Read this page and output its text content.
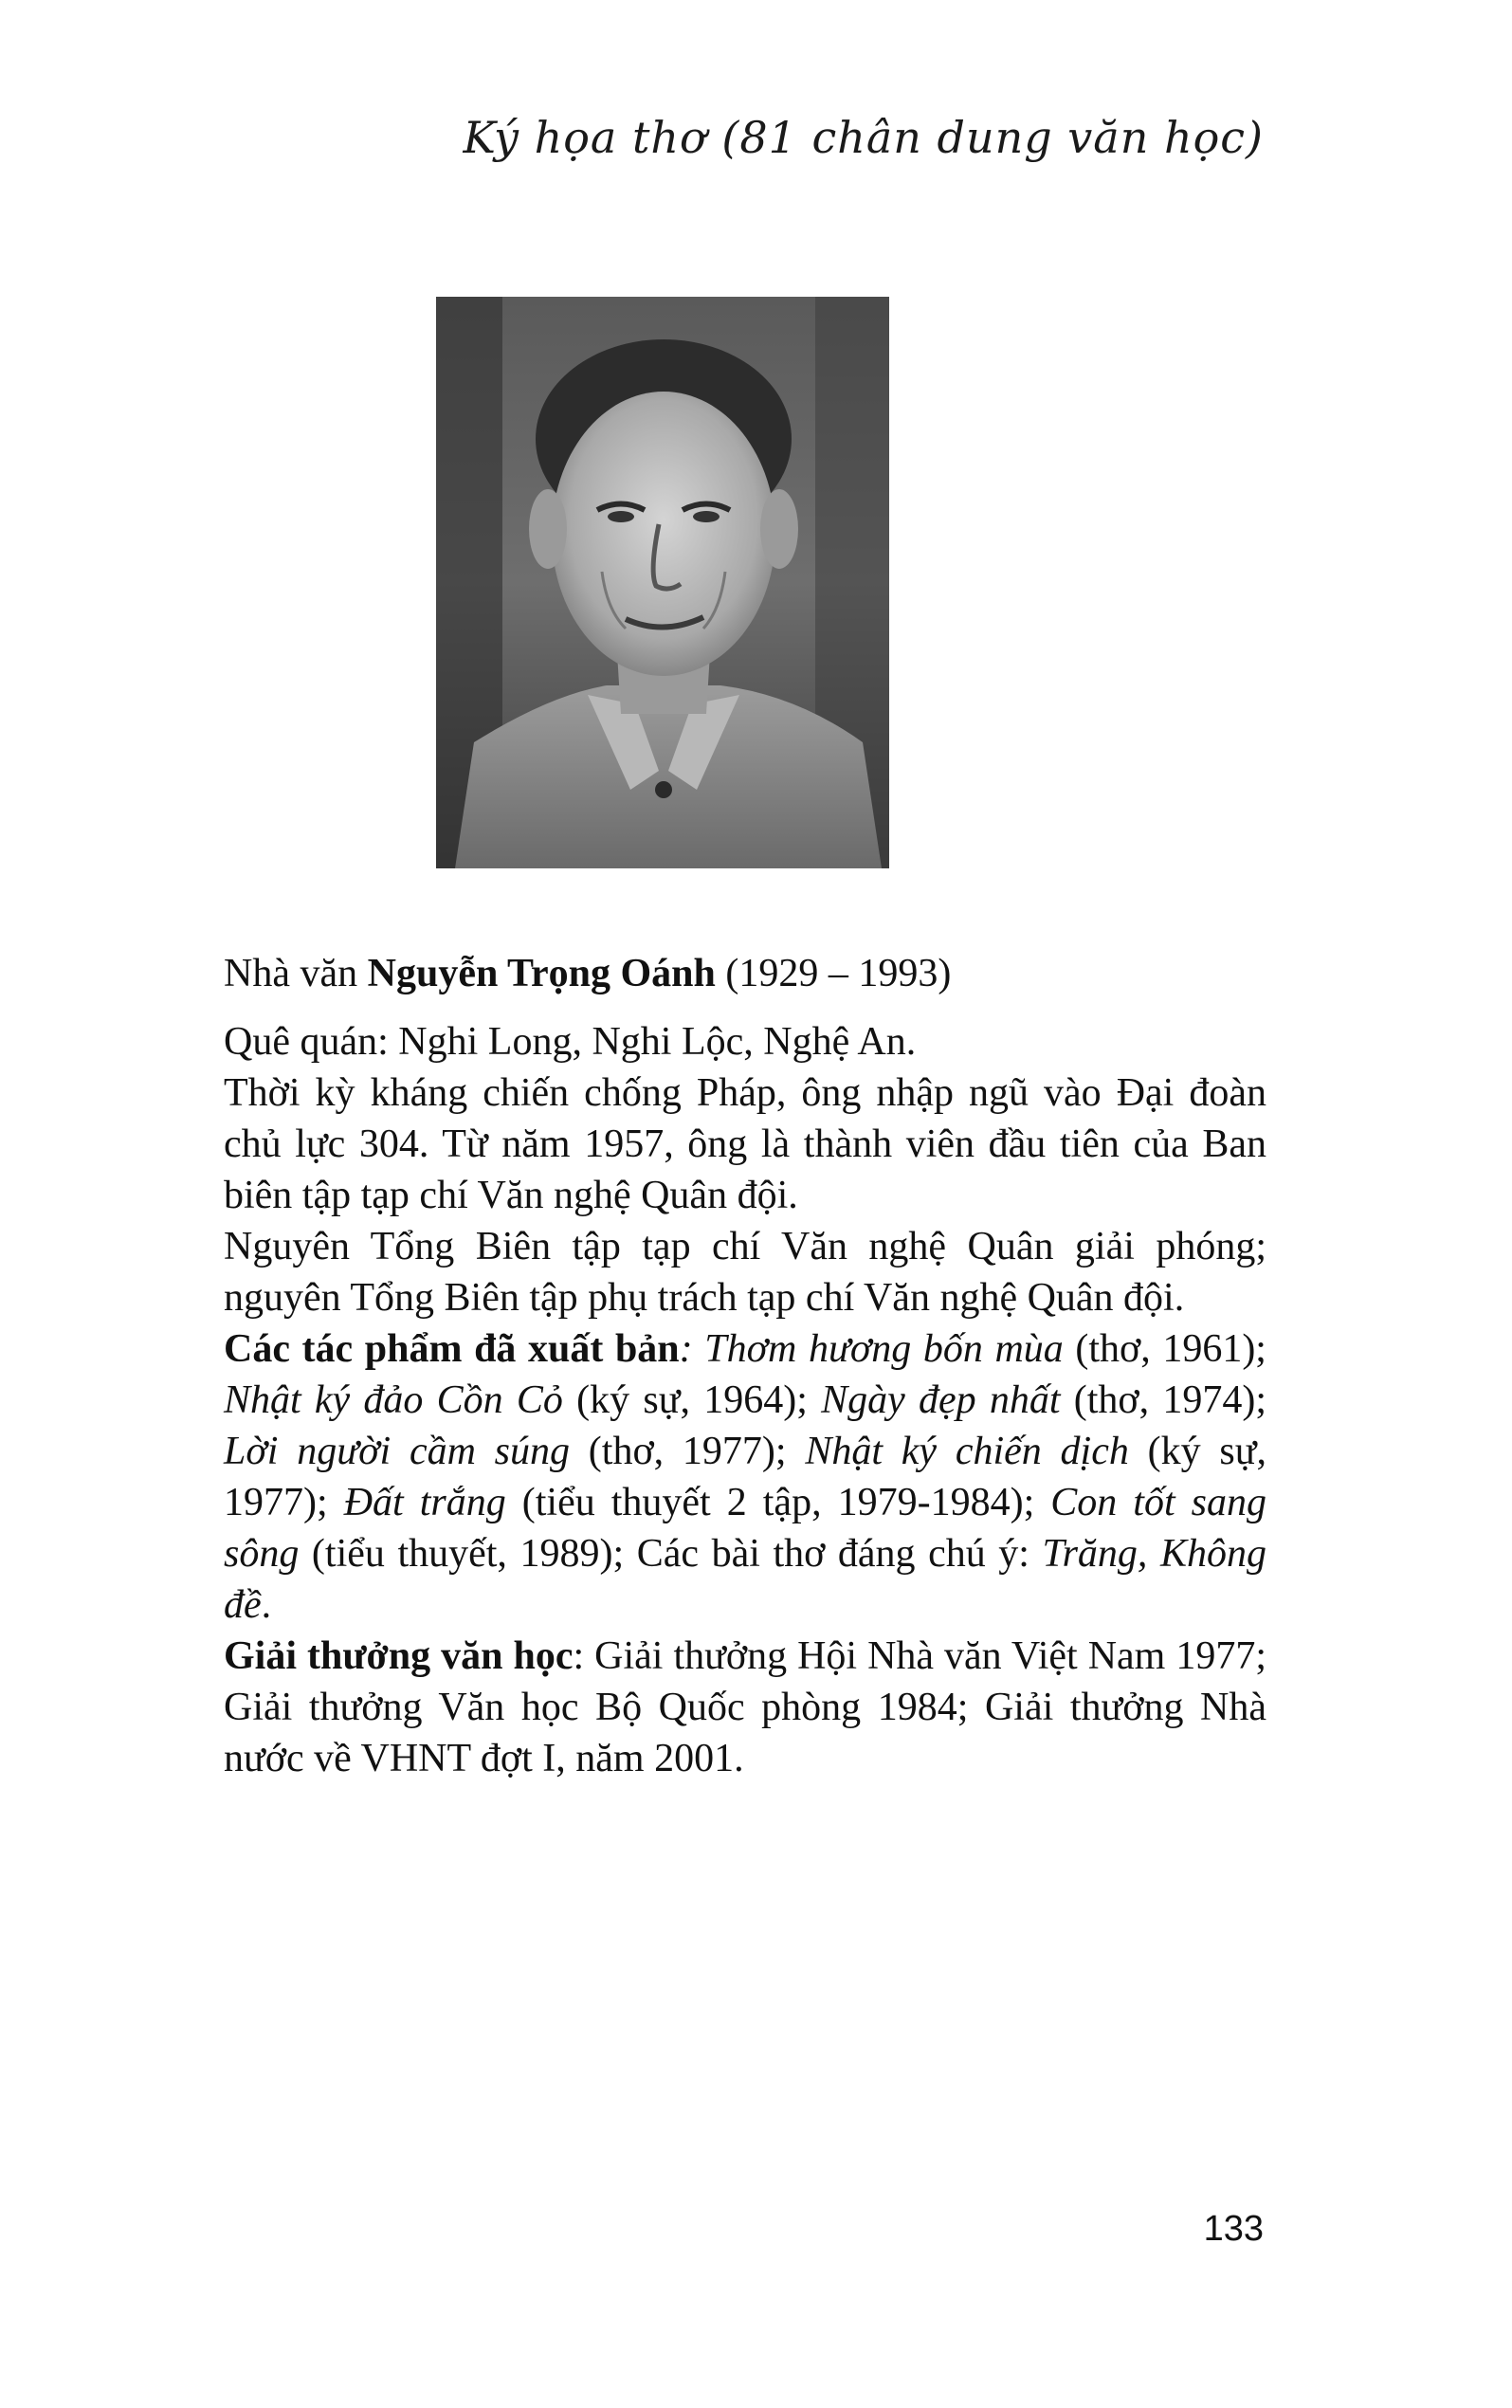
Ký họa thơ (81 chân dung văn học)

Nhà văn Nguyễn Trọng Oánh (1929 – 1993)

Quê quán: Nghi Long, Nghi Lộc, Nghệ An.

Thời kỳ kháng chiến chống Pháp, ông nhập ngũ vào Đại đoàn chủ lực 304. Từ năm 1957, ông là thành viên đầu tiên của Ban biên tập tạp chí Văn nghệ Quân đội.

Nguyên Tổng Biên tập tạp chí Văn nghệ Quân giải phóng; nguyên Tổng Biên tập phụ trách tạp chí Văn nghệ Quân đội.

Các tác phẩm đã xuất bản: Thơm hương bốn mùa (thơ, 1961); Nhật ký đảo Cồn Cỏ (ký sự, 1964); Ngày đẹp nhất (thơ, 1974); Lời người cầm súng (thơ, 1977); Nhật ký chiến dịch (ký sự, 1977); Đất trắng (tiểu thuyết 2 tập, 1979-1984); Con tốt sang sông (tiểu thuyết, 1989); Các bài thơ đáng chú ý: Trăng, Không đề.

Giải thưởng văn học: Giải thưởng Hội Nhà văn Việt Nam 1977; Giải thưởng Văn học Bộ Quốc phòng 1984; Giải thưởng Nhà nước về VHNT đợt I, năm 2001.

133
